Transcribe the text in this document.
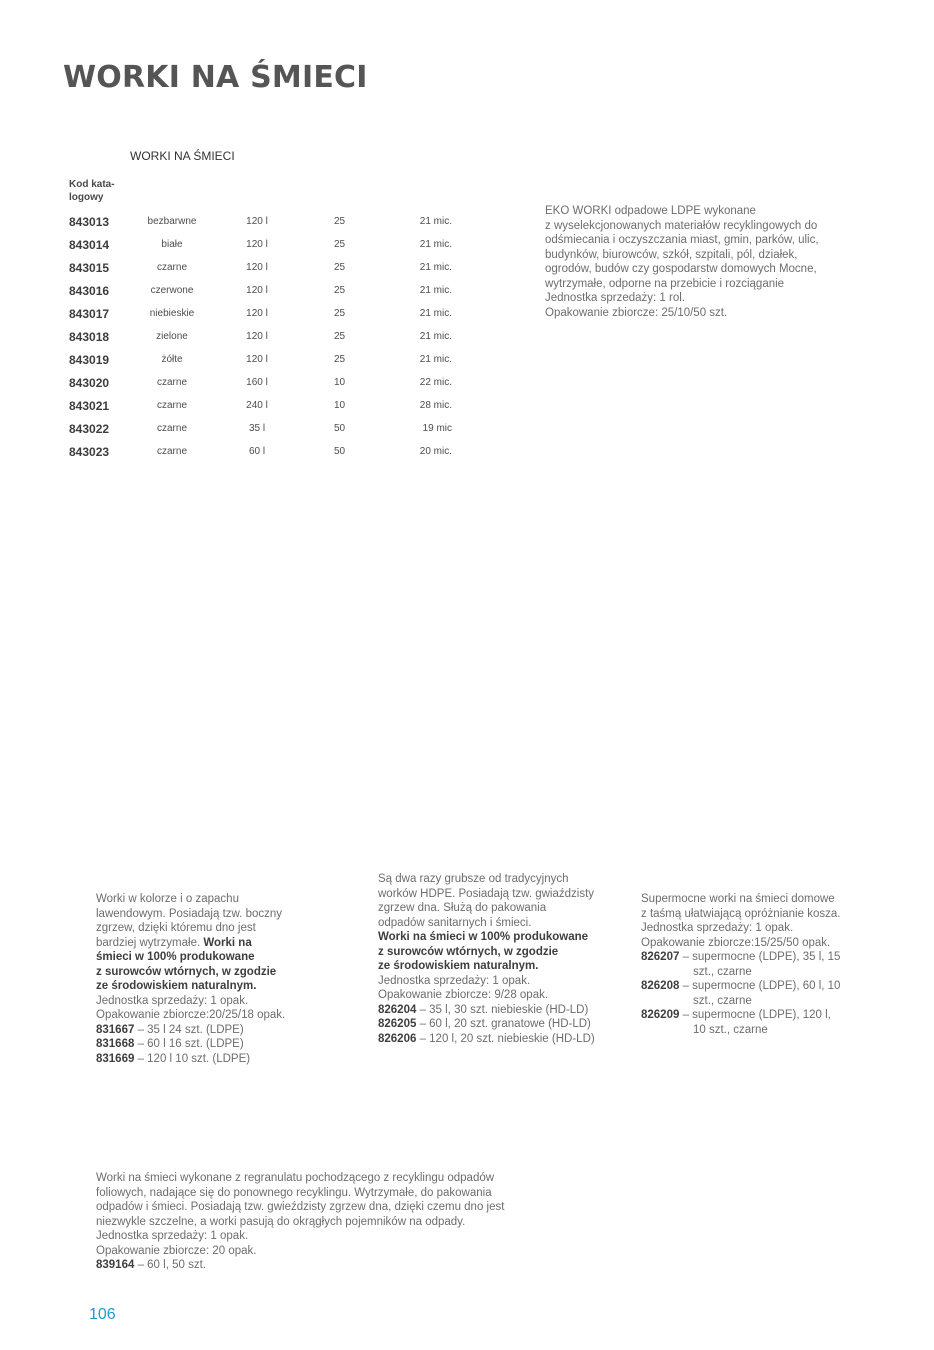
WORKI NA ŚMIECI
WORKI NA ŚMIECI
Kod kata-
logowy
843013	bezbarwne	120 l	25	21 mic.
843014	białe	120 l	25	21 mic.
843015	czarne	120 l	25	21 mic.
843016	czerwone	120 l	25	21 mic.
843017	niebieskie	120 l	25	21 mic.
843018	zielone	120 l	25	21 mic.
843019	żółte	120 l	25	21 mic.
843020	czarne	160 l	10	22 mic.
843021	czarne	240 l	10	28 mic.
843022	czarne	35 l	50	19 mic
843023	czarne	60 l	50	20 mic.
EKO WORKI odpadowe LDPE wykonane
z wyselekcjonowanych materiałów recyklingowych do
odśmiecania i oczyszczania miast, gmin, parków, ulic,
budynków, biurowców, szkół, szpitali, pól, działek,
ogrodów, budów czy gospodarstw domowych Mocne,
wytrzymałe, odporne na przebicie i rozciąganie
Jednostka sprzedaży: 1 rol.
Opakowanie zbiorcze: 25/10/50 szt.
Worki w kolorze i o zapachu
lawendowym. Posiadają tzw. boczny
zgrzew, dzięki któremu dno jest
bardziej wytrzymałe. Worki na
śmieci w 100% produkowane
z surowców wtórnych, w zgodzie
ze środowiskiem naturalnym.
Jednostka sprzedaży: 1 opak.
Opakowanie zbiorcze:20/25/18 opak.
831667 – 35 l 24 szt. (LDPE)
831668 – 60 l 16 szt. (LDPE)
831669 – 120 l 10 szt. (LDPE)
Są dwa razy grubsze od tradycyjnych
worków HDPE. Posiadają tzw. gwiaździsty
zgrzew dna. Służą do pakowania
odpadów sanitarnych i śmieci.
Worki na śmieci w 100% produkowane
z surowców wtórnych, w zgodzie
ze środowiskiem naturalnym.
Jednostka sprzedaży: 1 opak.
Opakowanie zbiorcze: 9/28 opak.
826204 – 35 l, 30 szt. niebieskie (HD-LD)
826205 – 60 l, 20 szt. granatowe (HD-LD)
826206 – 120 l, 20 szt. niebieskie (HD-LD)
Supermocne worki na śmieci domowe
z taśmą ułatwiającą opróżnianie kosza.
Jednostka sprzedaży: 1 opak.
Opakowanie zbiorcze:15/25/50 opak.
826207 – supermocne (LDPE), 35 l, 15
szt., czarne
826208 – supermocne (LDPE), 60 l, 10
szt., czarne
826209 – supermocne (LDPE), 120 l,
10 szt., czarne
Worki na śmieci wykonane z regranulatu pochodzącego z recyklingu odpadów
foliowych, nadające się do ponownego recyklingu. Wytrzymałe, do pakowania
odpadów i śmieci. Posiadają tzw. gwieździsty zgrzew dna, dzięki czemu dno jest
niezwykle szczelne, a worki pasują do okrągłych pojemników na odpady.
Jednostka sprzedaży: 1 opak.
Opakowanie zbiorcze: 20 opak.
839164 – 60 l, 50 szt.
106
